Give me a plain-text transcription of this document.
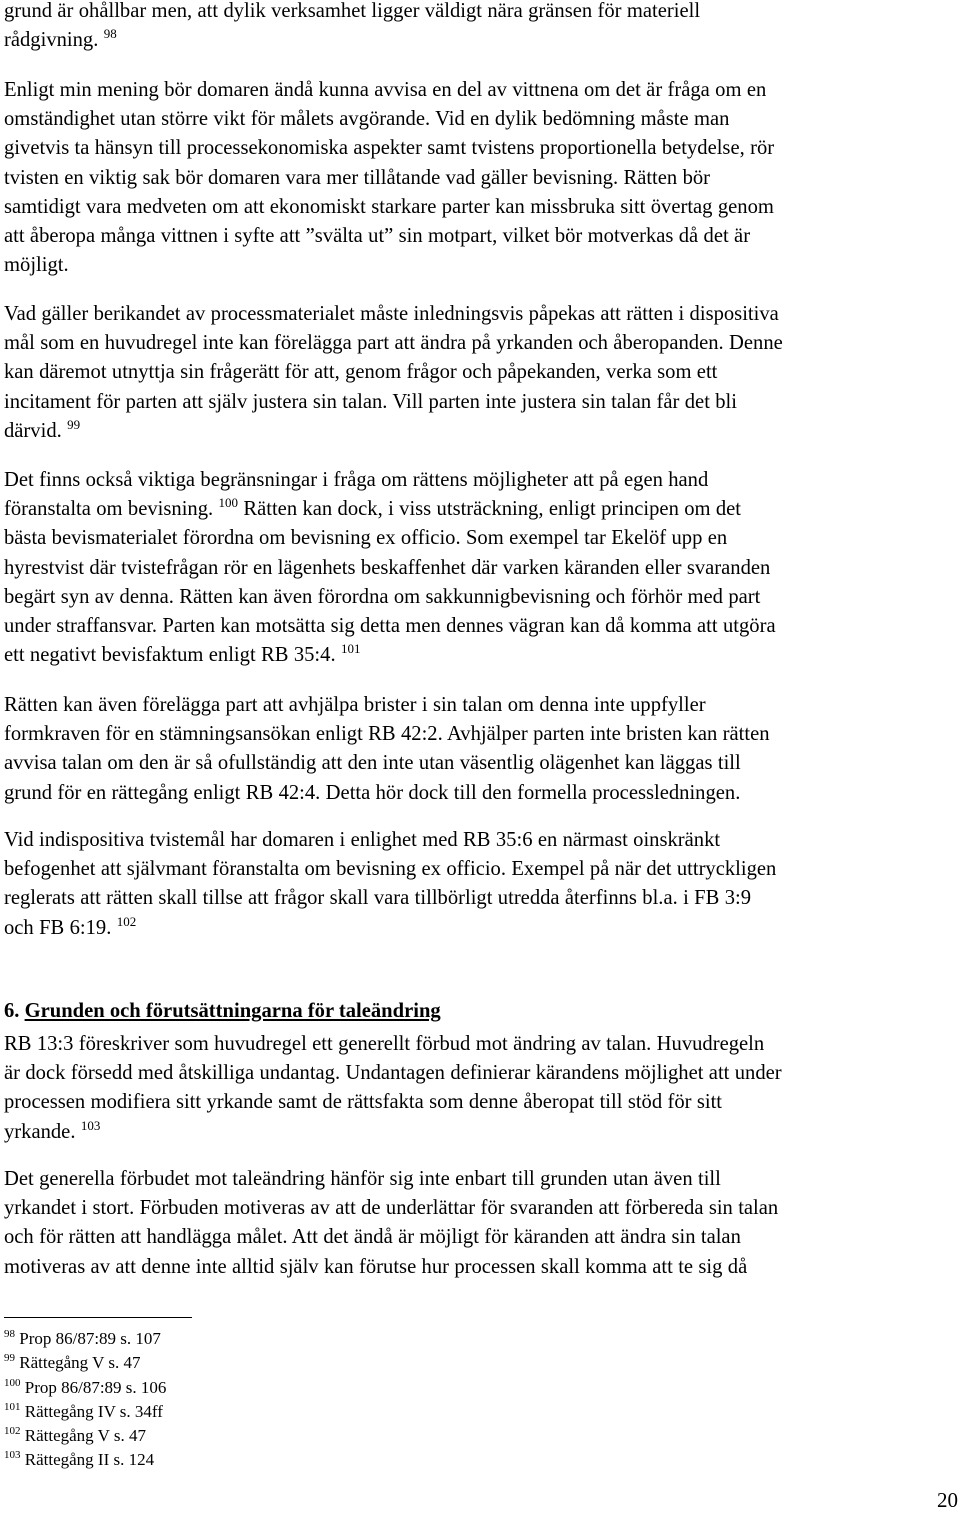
grund är ohållbar men, att dylik verksamhet ligger väldigt nära gränsen för materiell
rådgivning. $^{98}$

Enligt min mening bör domaren ändå kunna avvisa en del av vittnena om det är fråga om en
omständighet utan större vikt för målets avgörande. Vid en dylik bedömning måste man
givetvis ta hänsyn till processekonomiska aspekter samt tvistens proportionella betydelse, rör
tvisten en viktig sak bör domaren vara mer tillåtande vad gäller bevisning. Rätten bör
samtidigt vara medveten om att ekonomiskt starkare parter kan missbruka sitt övertag genom
att åberopa många vittnen i syfte att ”svälta ut” sin motpart, vilket bör motverkas då det är
möjligt.

Vad gäller berikandet av processmaterialet måste inledningsvis påpekas att rätten i dispositiva
mål som en huvudregel inte kan förelägga part att ändra på yrkanden och åberopanden. Denne
kan däremot utnyttja sin frågerätt för att, genom frågor och påpekanden, verka som ett
incitament för parten att själv justera sin talan. Vill parten inte justera sin talan får det bli
därvid. $^{99}$

Det finns också viktiga begränsningar i fråga om rättens möjligheter att på egen hand
föranstalta om bevisning. $^{100}$ Rätten kan dock, i viss utsträckning, enligt principen om det
bästa bevismaterialet förordna om bevisning ex officio. Som exempel tar Ekelöf upp en
hyrestvist där tvistefrågan rör en lägenhets beskaffenhet där varken käranden eller svaranden
begärt syn av denna. Rätten kan även förordna om sakkunnigbevisning och förhör med part
under straffansvar. Parten kan motsätta sig detta men dennes vägran kan då komma att utgöra
ett negativt bevisfaktum enligt RB 35:4. $^{101}$

Rätten kan även förelägga part att avhjälpa brister i sin talan om denna inte uppfyller
formkraven för en stämningsansökan enligt RB 42:2. Avhjälper parten inte bristen kan rätten
avvisa talan om den är så ofullständig att den inte utan väsentlig olägenhet kan läggas till
grund för en rättegång enligt RB 42:4. Detta hör dock till den formella processledningen.

Vid indispositiva tvistemål har domaren i enlighet med RB 35:6 en närmast oinskränkt
befogenhet att självmant föranstalta om bevisning ex officio. Exempel på när det uttryckligen
reglerats att rätten skall tillse att frågor skall vara tillbörligt utredda återfinns bl.a. i FB 3:9
och FB 6:19. $^{102}$

6. Grunden och förutsättningarna för taleändring

RB 13:3 föreskriver som huvudregel ett generellt förbud mot ändring av talan. Huvudregeln
är dock försedd med åtskilliga undantag. Undantagen definierar kärandens möjlighet att under
processen modifiera sitt yrkande samt de rättsfakta som denne åberopat till stöd för sitt
yrkande. $^{103}$

Det generella förbudet mot taleändring hänför sig inte enbart till grunden utan även till
yrkandet i stort. Förbuden motiveras av att de underlättar för svaranden att förbereda sin talan
och för rätten att handlägga målet. Att det ändå är möjligt för käranden att ändra sin talan
motiveras av att denne inte alltid själv kan förutse hur processen skall komma att te sig då

$^{98}$ Prop 86/87:89 s. 107
$^{99}$ Rättegång V s. 47
$^{100}$ Prop 86/87:89 s. 106
$^{101}$ Rättegång IV s. 34ff
$^{102}$ Rättegång V s. 47
$^{103}$ Rättegång II s. 124
20
